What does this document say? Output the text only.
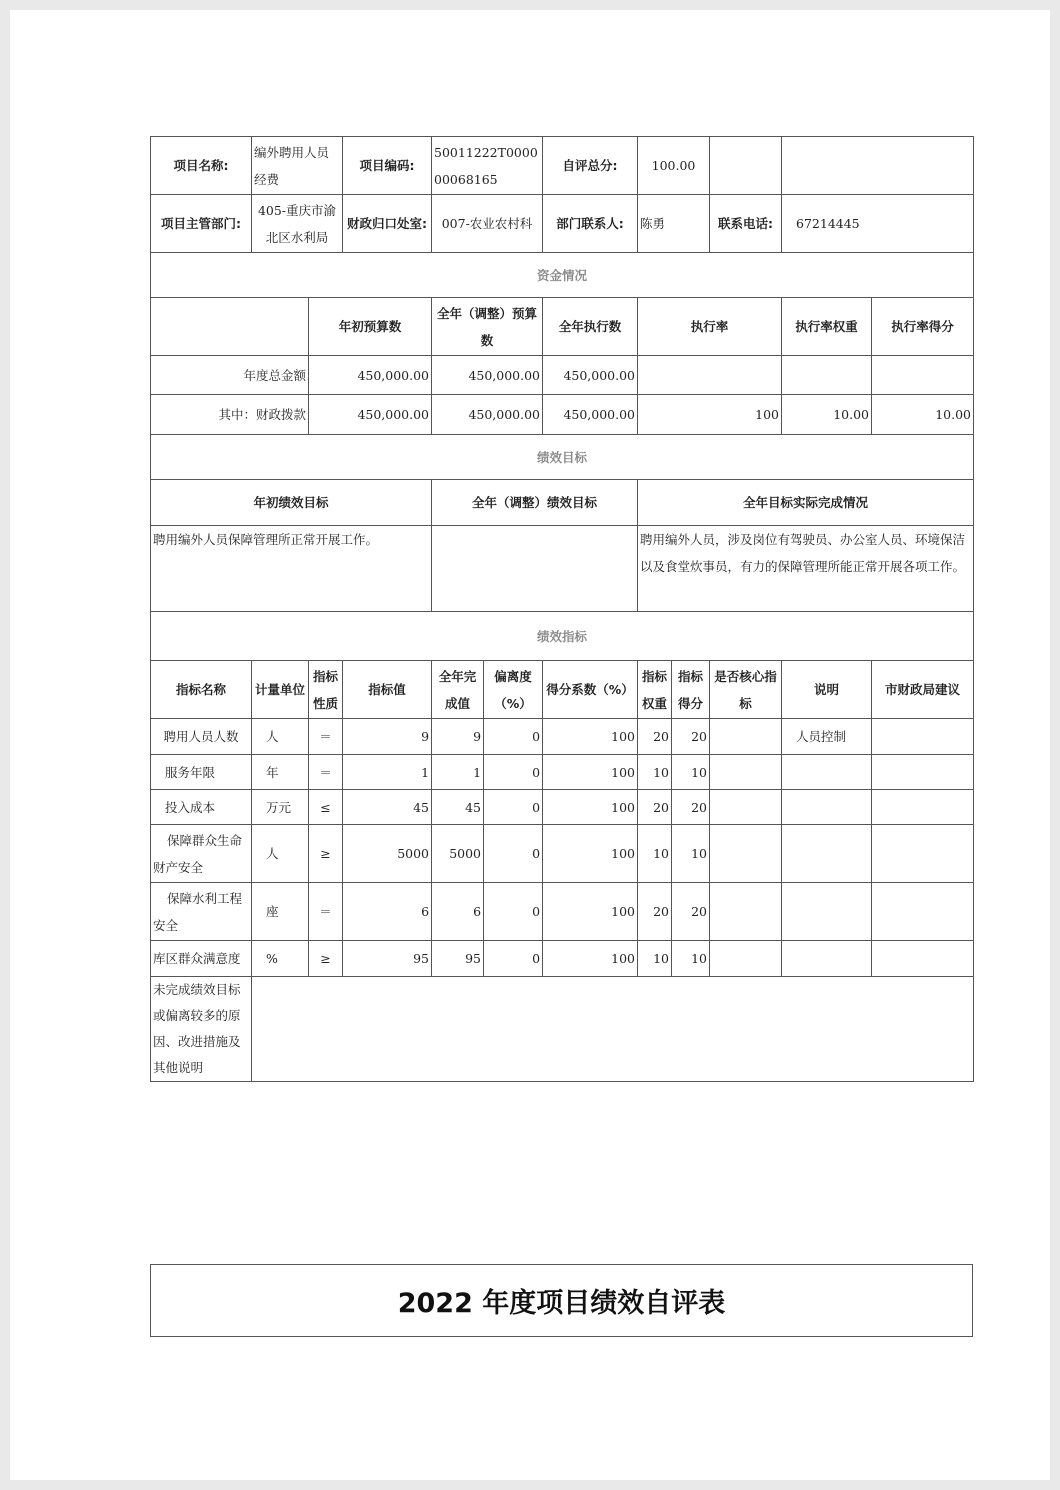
项目名称:	编外聘用人员经费		项目编码:	50011222T000000068165		自评总分:	100.00				
项目主管部门:	405-重庆市渝北区水利局		财政归口处室:	007-农业农村科		部门联系人:	陈勇		联系电话:	67214445	
资金情况											
		年初预算数		全年（调整）预算数		全年执行数	执行率			执行率权重	执行率得分
年度总金额		450,000.00		450,000.00		450,000.00					
其中：财政拨款		450,000.00		450,000.00		450,000.00	100			10.00	10.00
绩效目标											
年初绩效目标				全年（调整）绩效目标			全年目标实际完成情况				
聘用编外人员保障管理所正常开展工作。							聘用编外人员，涉及岗位有驾驶员、办公室人员、环境保洁以及食堂炊事员，有力的保障管理所能正常开展各项工作。				
绩效指标											
指标名称	计量单位	指标性质	指标值	全年完成值	偏离度（%）	得分系数（%）	指标权重	指标得分	是否核心指标	说明	市财政局建议
聘用人员人数	人	＝	9	9	0	100	20	20		人员控制	
服务年限	年	＝	1	1	0	100	10	10			
投入成本	万元	≤	45	45	0	100	20	20			
保障群众生命财产安全	人	≥	5000	5000	0	100	10	10			
保障水利工程安全	座	＝	6	6	0	100	20	20			
库区群众满意度	%	≥	95	95	0	100	10	10			
未完成绩效目标或偏离较多的原因、改进措施及其他说明											
2022 年度项目绩效自评表
